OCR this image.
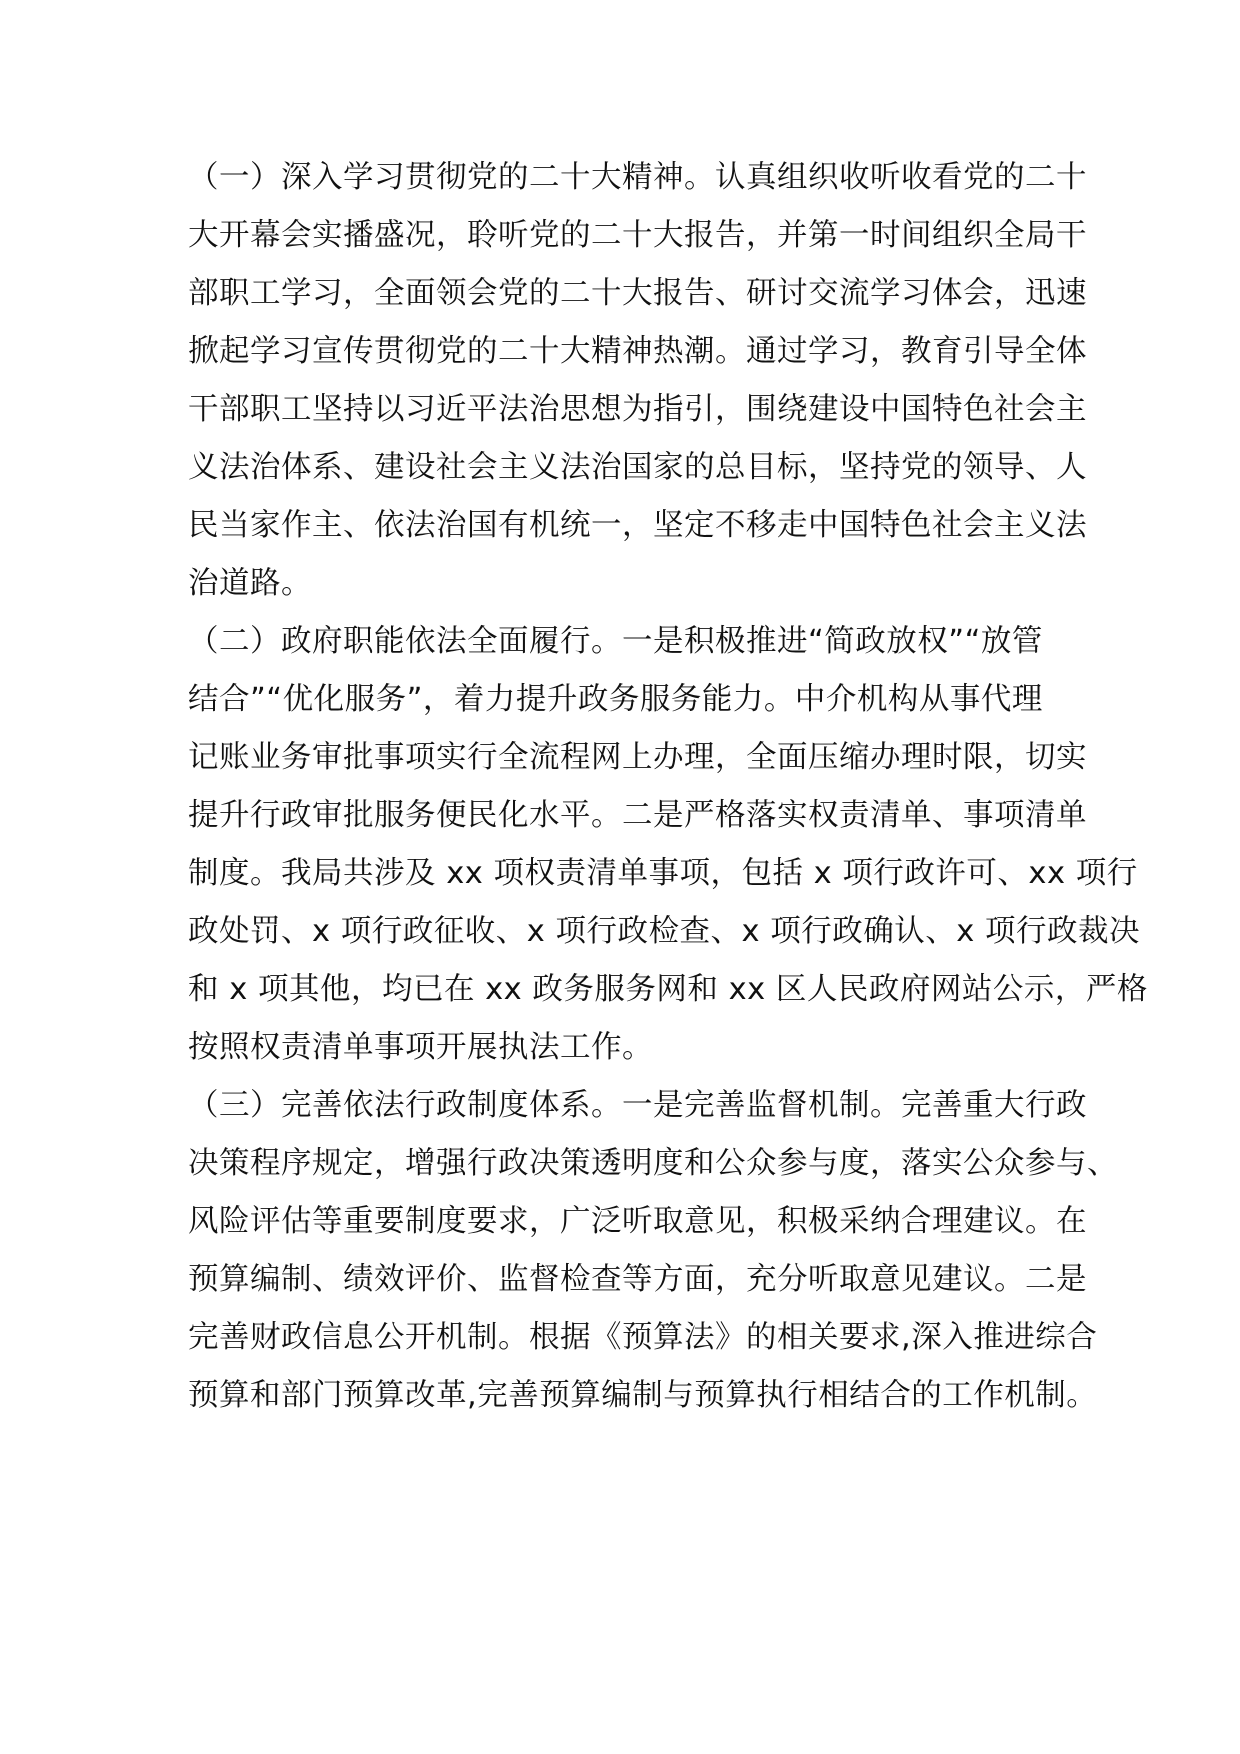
（一）深入学习贯彻党的二十大精神。认真组织收听收看党的二十
大开幕会实播盛况，聆听党的二十大报告，并第一时间组织全局干
部职工学习，全面领会党的二十大报告、研讨交流学习体会，迅速
掀起学习宣传贯彻党的二十大精神热潮。通过学习，教育引导全体
干部职工坚持以习近平法治思想为指引，围绕建设中国特色社会主
义法治体系、建设社会主义法治国家的总目标，坚持党的领导、人
民当家作主、依法治国有机统一，坚定不移走中国特色社会主义法
治道路。
（二）政府职能依法全面履行。一是积极推进“简政放权”“放管
结合”“优化服务”，着力提升政务服务能力。中介机构从事代理
记账业务审批事项实行全流程网上办理，全面压缩办理时限，切实
提升行政审批服务便民化水平。二是严格落实权责清单、事项清单
制度。我局共涉及 xx 项权责清单事项，包括 x 项行政许可、xx 项行
政处罚、x 项行政征收、x 项行政检查、x 项行政确认、x 项行政裁决
和 x 项其他，均已在 xx 政务服务网和 xx 区人民政府网站公示，严格
按照权责清单事项开展执法工作。
（三）完善依法行政制度体系。一是完善监督机制。完善重大行政
决策程序规定，增强行政决策透明度和公众参与度，落实公众参与、
风险评估等重要制度要求，广泛听取意见，积极采纳合理建议。在
预算编制、绩效评价、监督检查等方面，充分听取意见建议。二是
完善财政信息公开机制。根据《预算法》的相关要求,深入推进综合
预算和部门预算改革,完善预算编制与预算执行相结合的工作机制。
